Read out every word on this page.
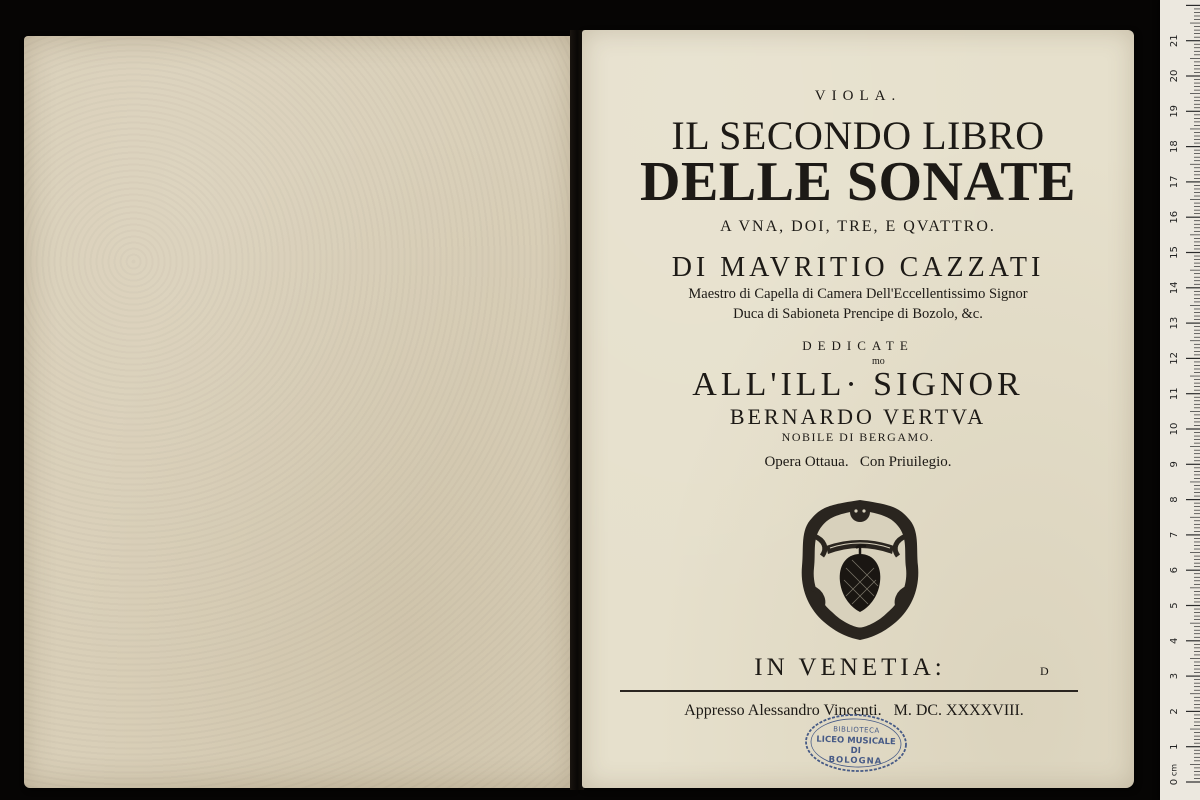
VIOLA.
IL SECONDO LIBRO
DELLE SONATE
A VNA, DOI, TRE, E QVATTRO.
DI MAVRITIO CAZZATI
Maestro di Capella di Camera Dell'Eccellentissimo Signor
Duca di Sabioneta Prencipe di Bozolo, &c.
DEDICATE
mo
ALL'ILL· SIGNOR
BERNARDO VERTVA
NOBILE DI BERGAMO.
Opera Ottaua.   Con Priuilegio.
IN VENETIA:	D
Appresso Alessandro Vincenti.   M. DC. XXXXVIII.
BIBLIOTECA
LICEO MUSICALE
DI
BOLOGNA
0
1
2
3
4
5
6
7
8
9
10
11
12
13
14
15
16
17
18
19
20
21
cm
